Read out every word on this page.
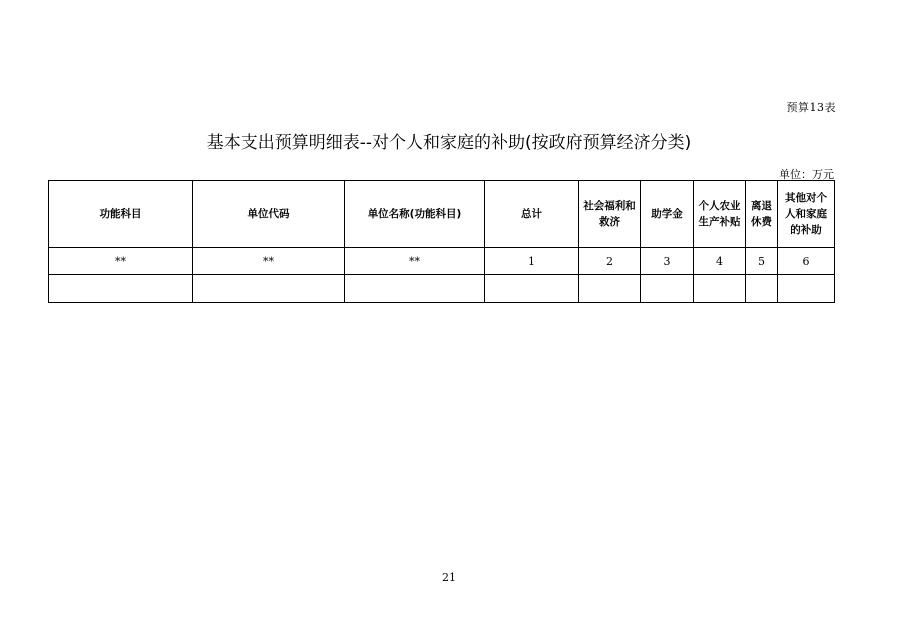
预算13表
基本支出预算明细表--对个人和家庭的补助(按政府预算经济分类)
单位：万元
功能科目	单位代码	单位名称(功能科目)	总计	社会福利和救济	助学金	个人农业生产补贴	离退休费	其他对个人和家庭的补助
**	**	**	1	2	3	4	5	6

21
